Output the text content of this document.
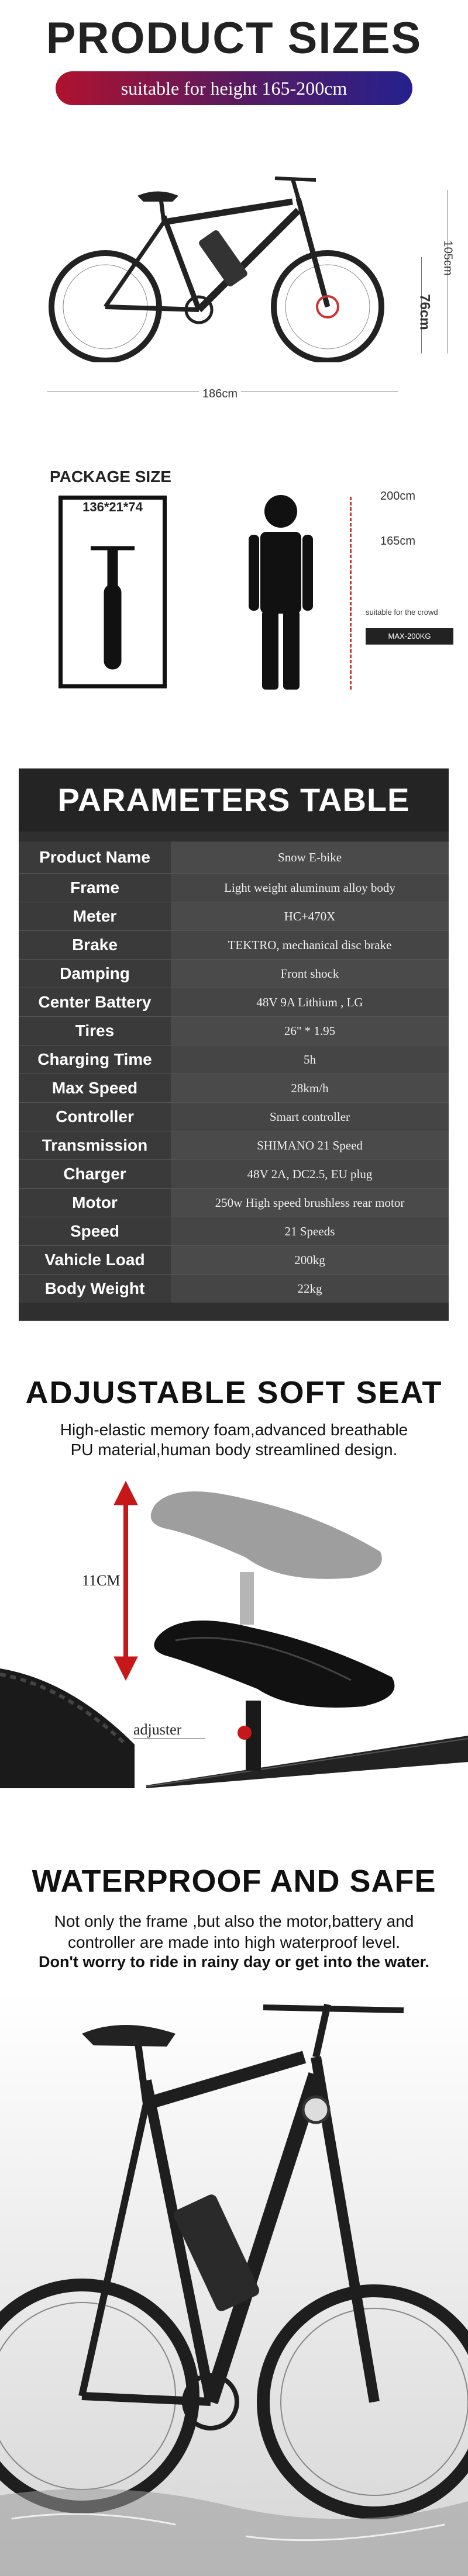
PRODUCT SIZES
suitable for height 165-200cm
105cm
76cm
186cm
PACKAGE SIZE
136*21*74
200cm
165cm
suitable for the crowd
MAX-200KG
PARAMETERS TABLE
Product Name	Snow E-bike
Frame	Light weight aluminum alloy body
Meter	HC+470X
Brake	TEKTRO, mechanical disc brake
Damping	Front shock
Center Battery	48V 9A Lithium , LG
Tires	26" * 1.95
Charging Time	5h
Max Speed	28km/h
Controller	Smart controller
Transmission	SHIMANO 21 Speed
Charger	48V 2A, DC2.5, EU plug
Motor	250w High speed brushless rear motor
Speed	21 Speeds
Vahicle Load	200kg
Body Weight	22kg
ADJUSTABLE SOFT SEAT
High-elastic memory foam,advanced breathable
PU material,human body streamlined design.
11CM
adjuster
WATERPROOF AND SAFE
Not only the frame ,but also the motor,battery and
controller are made into high waterproof level.
Don't worry to ride in rainy day or get into the water.
